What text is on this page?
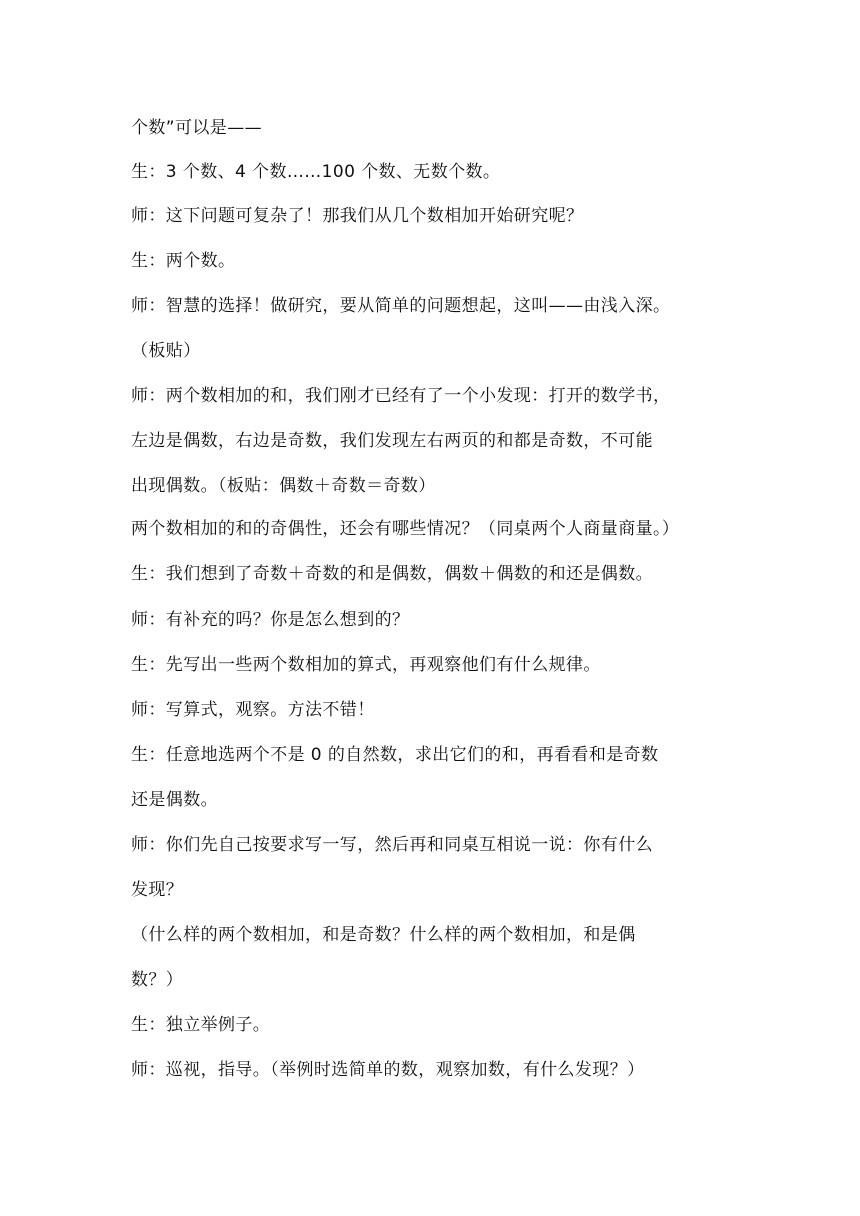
个数”可以是——
生：3 个数、4 个数……100 个数、无数个数。
师：这下问题可复杂了！那我们从几个数相加开始研究呢？
生：两个数。
师：智慧的选择！做研究，要从简单的问题想起，这叫——由浅入深。
（板贴）
师：两个数相加的和，我们刚才已经有了一个小发现：打开的数学书，
左边是偶数，右边是奇数，我们发现左右两页的和都是奇数，不可能
出现偶数。（板贴：偶数＋奇数＝奇数）
两个数相加的和的奇偶性，还会有哪些情况？（同桌两个人商量商量。）
生：我们想到了奇数＋奇数的和是偶数，偶数＋偶数的和还是偶数。
师：有补充的吗？你是怎么想到的？
生：先写出一些两个数相加的算式，再观察他们有什么规律。
师：写算式，观察。方法不错！
生：任意地选两个不是 0 的自然数，求出它们的和，再看看和是奇数
还是偶数。
师：你们先自己按要求写一写，然后再和同桌互相说一说：你有什么
发现？
（什么样的两个数相加，和是奇数？什么样的两个数相加，和是偶
数？）
生：独立举例子。
师：巡视，指导。（举例时选简单的数，观察加数，有什么发现？）
